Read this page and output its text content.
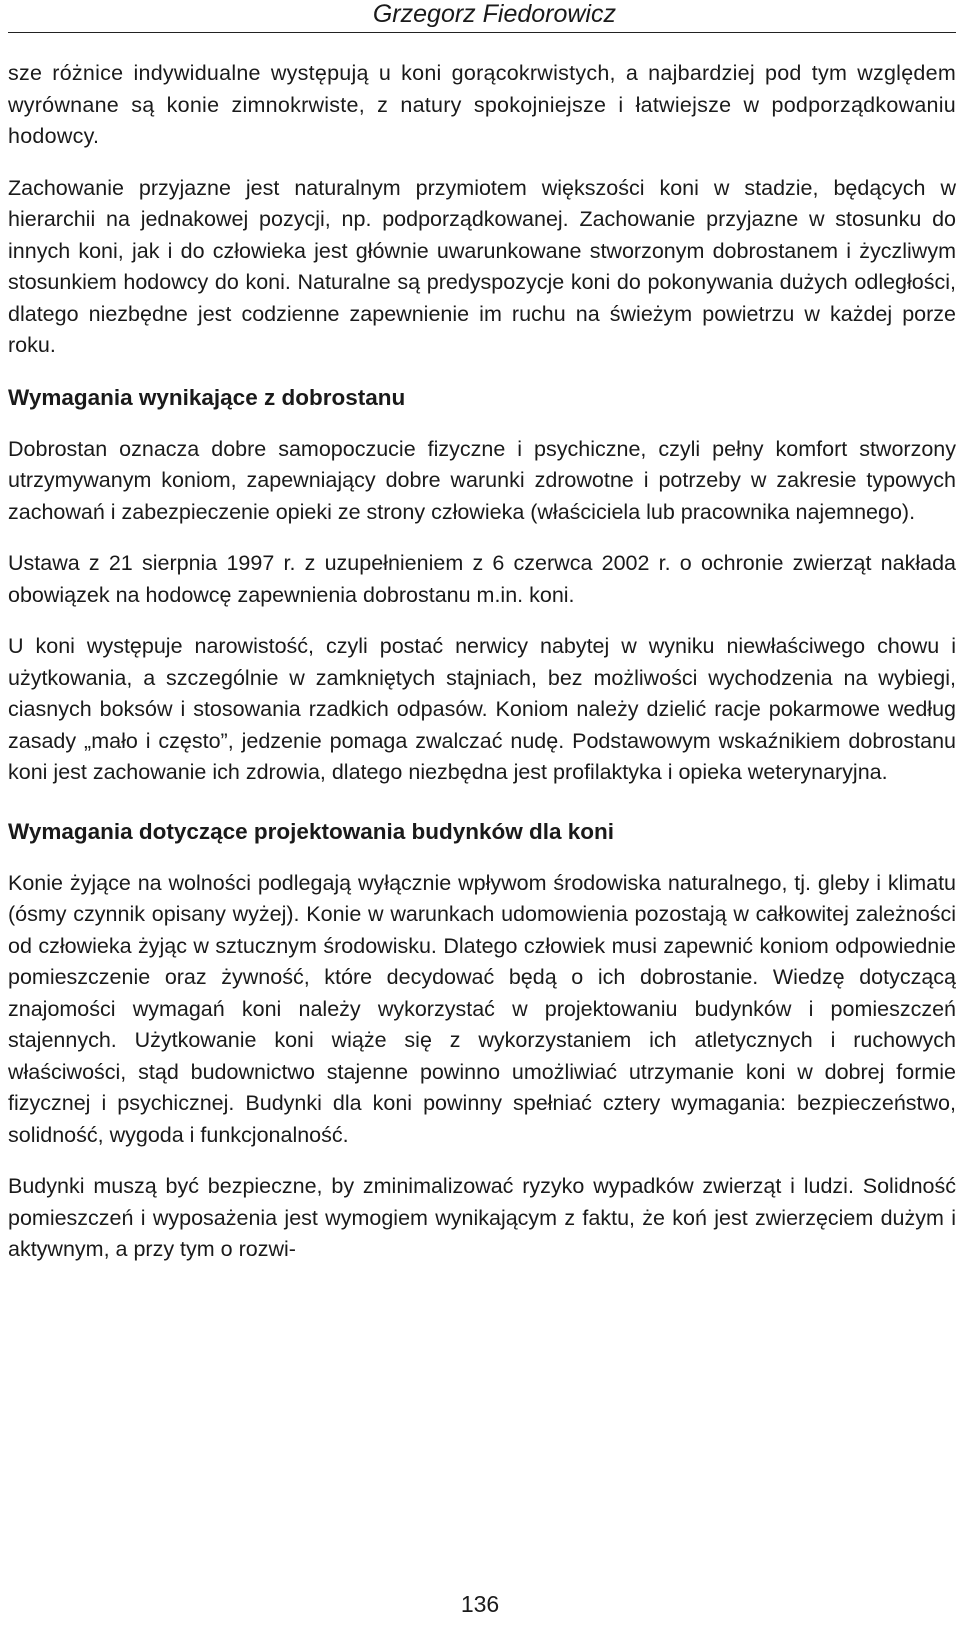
Grzegorz Fiedorowicz

sze różnice indywidualne występują u koni gorącokrwistych, a najbardziej pod tym względem wyrównane są konie zimnokrwiste, z natury spokojniejsze i łatwiejsze w podporządkowaniu hodowcy.

Zachowanie przyjazne jest naturalnym przymiotem większości koni w stadzie, będących w hierarchii na jednakowej pozycji, np. podporządkowanej. Zachowanie przyjazne w stosunku do innych koni, jak i do człowieka jest głównie uwarunkowane stworzonym dobrostanem i życzliwym stosunkiem hodowcy do koni. Naturalne są predyspozycje koni do pokonywania dużych odległości, dlatego niezbędne jest codzienne zapewnienie im ruchu na świeżym powietrzu w każdej porze roku.

Wymagania wynikające z dobrostanu

Dobrostan oznacza dobre samopoczucie fizyczne i psychiczne, czyli pełny komfort stworzony utrzymywanym koniom, zapewniający dobre warunki zdrowotne i potrzeby w zakresie typowych zachowań i zabezpieczenie opieki ze strony człowieka (właściciela lub pracownika najemnego).

Ustawa z 21 sierpnia 1997 r. z uzupełnieniem z 6 czerwca 2002 r. o ochronie zwierząt nakłada obowiązek na hodowcę zapewnienia dobrostanu m.in. koni.

U koni występuje narowistość, czyli postać nerwicy nabytej w wyniku niewłaściwego chowu i użytkowania, a szczególnie w zamkniętych stajniach, bez możliwości wychodzenia na wybiegi, ciasnych boksów i stosowania rzadkich odpasów. Koniom należy dzielić racje pokarmowe według zasady „mało i często”, jedzenie pomaga zwalczać nudę. Podstawowym wskaźnikiem dobrostanu koni jest zachowanie ich zdrowia, dlatego niezbędna jest profilaktyka i opieka weterynaryjna.

Wymagania dotyczące projektowania budynków dla koni

Konie żyjące na wolności podlegają wyłącznie wpływom środowiska naturalnego, tj. gleby i klimatu (ósmy czynnik opisany wyżej). Konie w warunkach udomowienia pozostają w całkowitej zależności od człowieka żyjąc w sztucznym środowisku. Dlatego człowiek musi zapewnić koniom odpowiednie pomieszczenie oraz żywność, które decydować będą o ich dobrostanie. Wiedzę dotyczącą znajomości wymagań koni należy wykorzystać w projektowaniu budynków i pomieszczeń stajennych. Użytkowanie koni wiąże się z wykorzystaniem ich atletycznych i ruchowych właściwości, stąd budownictwo stajenne powinno umożliwiać utrzymanie koni w dobrej formie fizycznej i psychicznej. Budynki dla koni powinny spełniać cztery wymagania: bezpieczeństwo, solidność, wygoda i funkcjonalność.

Budynki muszą być bezpieczne, by zminimalizować ryzyko wypadków zwierząt i ludzi. Solidność pomieszczeń i wyposażenia jest wymogiem wynikającym z faktu, że koń jest zwierzęciem dużym i aktywnym, a przy tym o rozwi-

136
